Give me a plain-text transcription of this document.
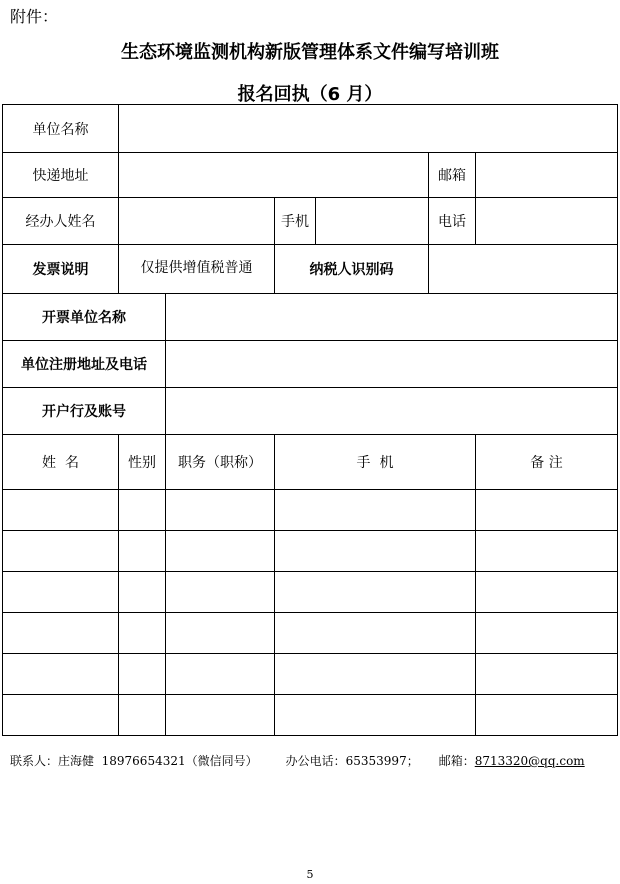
附件：
生态环境监测机构新版管理体系文件编写培训班
报名回执（6 月）
单位名称						
快递地址					邮箱	
经办人姓名			手机		电话	
发票说明	仅提供增值税普通		纳税人识别码			
开票单位名称						
单位注册地址及电话						
开户行及账号						
姓  名	性别	职务（职称）	手  机			备 注

联系人：庄海健  18976654321（微信同号） 办公电话：65353997； 邮箱：8713320@qq.com
5
